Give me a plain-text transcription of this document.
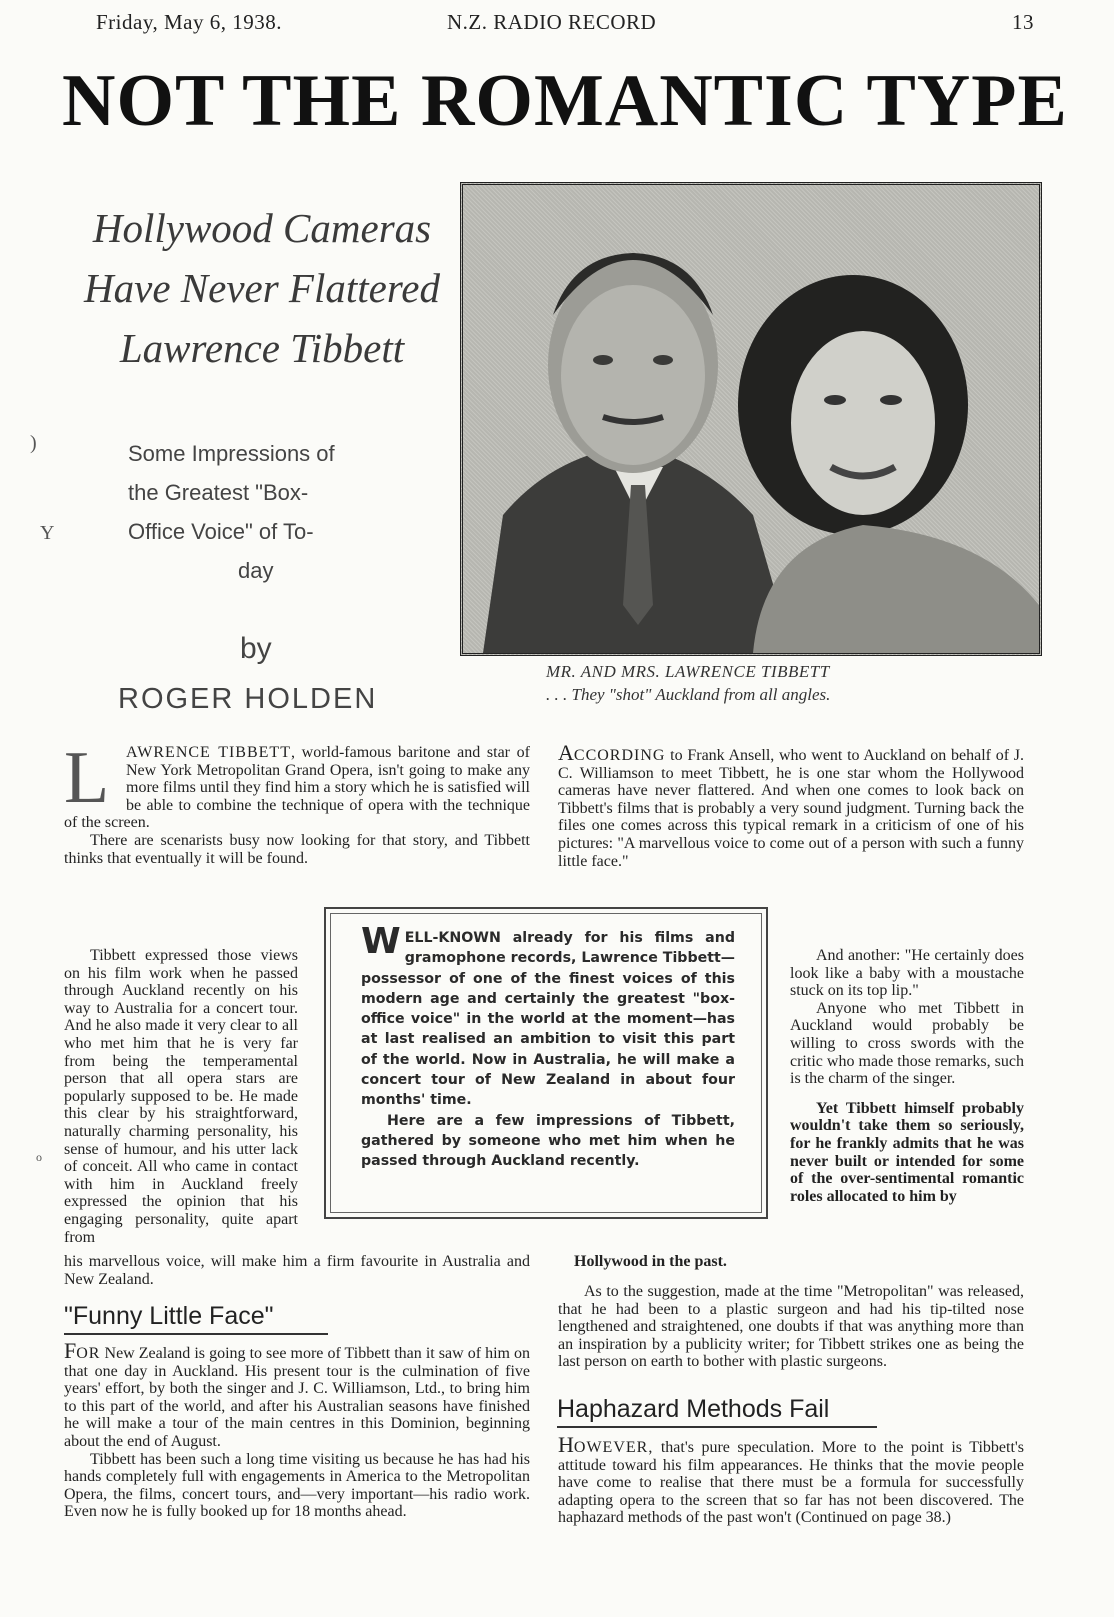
Friday, May 6, 1938.	N.Z. RADIO RECORD	13
NOT THE ROMANTIC TYPE
Hollywood Cameras
Have Never Flattered
Lawrence Tibbett
Some Impressions of
the Greatest "Box-
Office Voice" of To-
day
by
ROGER HOLDEN
MR. AND MRS. LAWRENCE TIBBETT
. . . They "shot" Auckland from all angles.
L	AWRENCE TIBBETT, world-famous baritone and star of New York Metropolitan Grand Opera, isn't going to make any more films until they find him a story which he is satisfied will be able to combine the technique of opera with the technique of the screen.
There are scenarists busy now looking for that story, and Tibbett thinks that eventually it will be found.
Tibbett expressed those views on his film work when he passed through Auckland recently on his way to Australia for a concert tour. And he also made it very clear to all who met him that he is very far from being the temperamental person that all opera stars are popularly supposed to be. He made this clear by his straightforward, naturally charming personality, his sense of humour, and his utter lack of conceit. All who came in contact with him in Auckland freely expressed the opinion that his engaging personality, quite apart from
his marvellous voice, will make him a firm favourite in Australia and New Zealand.
ACCORDING to Frank Ansell, who went to Auckland on behalf of J. C. Williamson to meet Tibbett, he is one star whom the Hollywood cameras have never flattered. And when one comes to look back on Tibbett's films that is probably a very sound judgment. Turning back the files one comes across this typical remark in a criticism of one of his pictures: "A marvellous voice to come out of a person with such a funny little face."
And another: "He certainly does look like a baby with a moustache stuck on its top lip."
Anyone who met Tibbett in Auckland would probably be willing to cross swords with the critic who made those remarks, such is the charm of the singer.
Yet Tibbett himself probably wouldn't take them so seriously, for he frankly admits that he was never built or intended for some of the over-sentimental romantic roles allocated to him by
Hollywood in the past.
WELL-KNOWN already for his films and gramophone records, Lawrence Tibbett—possessor of one of the finest voices of this modern age and certainly the greatest "box-office voice" in the world at the moment—has at last realised an ambition to visit this part of the world. Now in Australia, he will make a concert tour of New Zealand in about four months' time.
Here are a few impressions of Tibbett, gathered by someone who met him when he passed through Auckland recently.
"Funny Little Face"
FOR New Zealand is going to see more of Tibbett than it saw of him on that one day in Auckland. His present tour is the culmination of five years' effort, by both the singer and J. C. Williamson, Ltd., to bring him to this part of the world, and after his Australian seasons have finished he will make a tour of the main centres in this Dominion, beginning about the end of August.
Tibbett has been such a long time visiting us because he has had his hands completely full with engagements in America to the Metropolitan Opera, the films, concert tours, and—very important—his radio work. Even now he is fully booked up for 18 months ahead.
As to the suggestion, made at the time "Metropolitan" was released, that he had been to a plastic surgeon and had his tip-tilted nose lengthened and straightened, one doubts if that was anything more than an inspiration by a publicity writer; for Tibbett strikes one as being the last person on earth to bother with plastic surgeons.
Haphazard Methods Fail
HOWEVER, that's pure speculation. More to the point is Tibbett's attitude toward his film appearances. He thinks that the movie people have come to realise that there must be a formula for successfully adapting opera to the screen that so far has not been discovered. The haphazard methods of the past won't (Continued on page 38.)
)
Y
o
